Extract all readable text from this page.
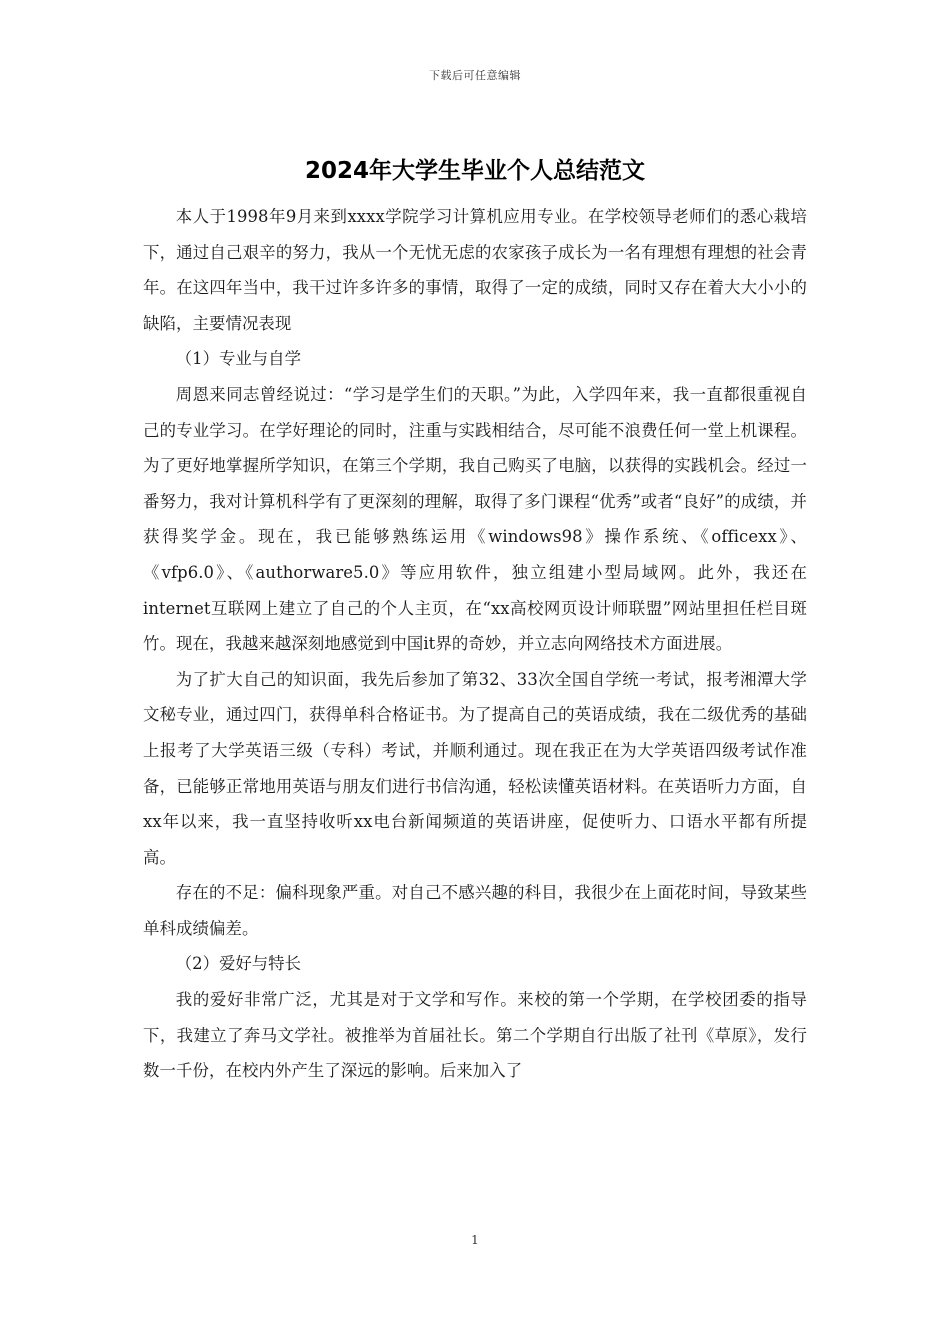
下载后可任意编辑
2024年大学生毕业个人总结范文

本人于1998年9月来到xxxx学院学习计算机应用专业。在学校领导老师们的悉心栽培下，通过自己艰辛的努力，我从一个无忧无虑的农家孩子成长为一名有理想有理想的社会青年。在这四年当中，我干过许多许多的事情，取得了一定的成绩，同时又存在着大大小小的缺陷，主要情况表现

（1）专业与自学

周恩来同志曾经说过：“学习是学生们的天职。”为此，入学四年来，我一直都很重视自己的专业学习。在学好理论的同时，注重与实践相结合，尽可能不浪费任何一堂上机课程。为了更好地掌握所学知识，在第三个学期，我自己购买了电脑，以获得的实践机会。经过一番努力，我对计算机科学有了更深刻的理解，取得了多门课程“优秀”或者“良好”的成绩，并获得奖学金。现在，我已能够熟练运用《windows98》操作系统、《officexx》、《vfp6.0》、《authorware5.0》等应用软件，独立组建小型局域网。此外，我还在internet互联网上建立了自己的个人主页，在“xx高校网页设计师联盟”网站里担任栏目斑竹。现在，我越来越深刻地感觉到中国it界的奇妙，并立志向网络技术方面进展。

为了扩大自己的知识面，我先后参加了第32、33次全国自学统一考试，报考湘潭大学文秘专业，通过四门，获得单科合格证书。为了提高自己的英语成绩，我在二级优秀的基础上报考了大学英语三级（专科）考试，并顺利通过。现在我正在为大学英语四级考试作准备，已能够正常地用英语与朋友们进行书信沟通，轻松读懂英语材料。在英语听力方面，自xx年以来，我一直坚持收听xx电台新闻频道的英语讲座，促使听力、口语水平都有所提高。

存在的不足：偏科现象严重。对自己不感兴趣的科目，我很少在上面花时间，导致某些单科成绩偏差。

（2）爱好与特长

我的爱好非常广泛，尤其是对于文学和写作。来校的第一个学期，在学校团委的指导下，我建立了奔马文学社。被推举为首届社长。第二个学期自行出版了社刊《草原》，发行数一千份，在校内外产生了深远的影响。后来加入了

1
